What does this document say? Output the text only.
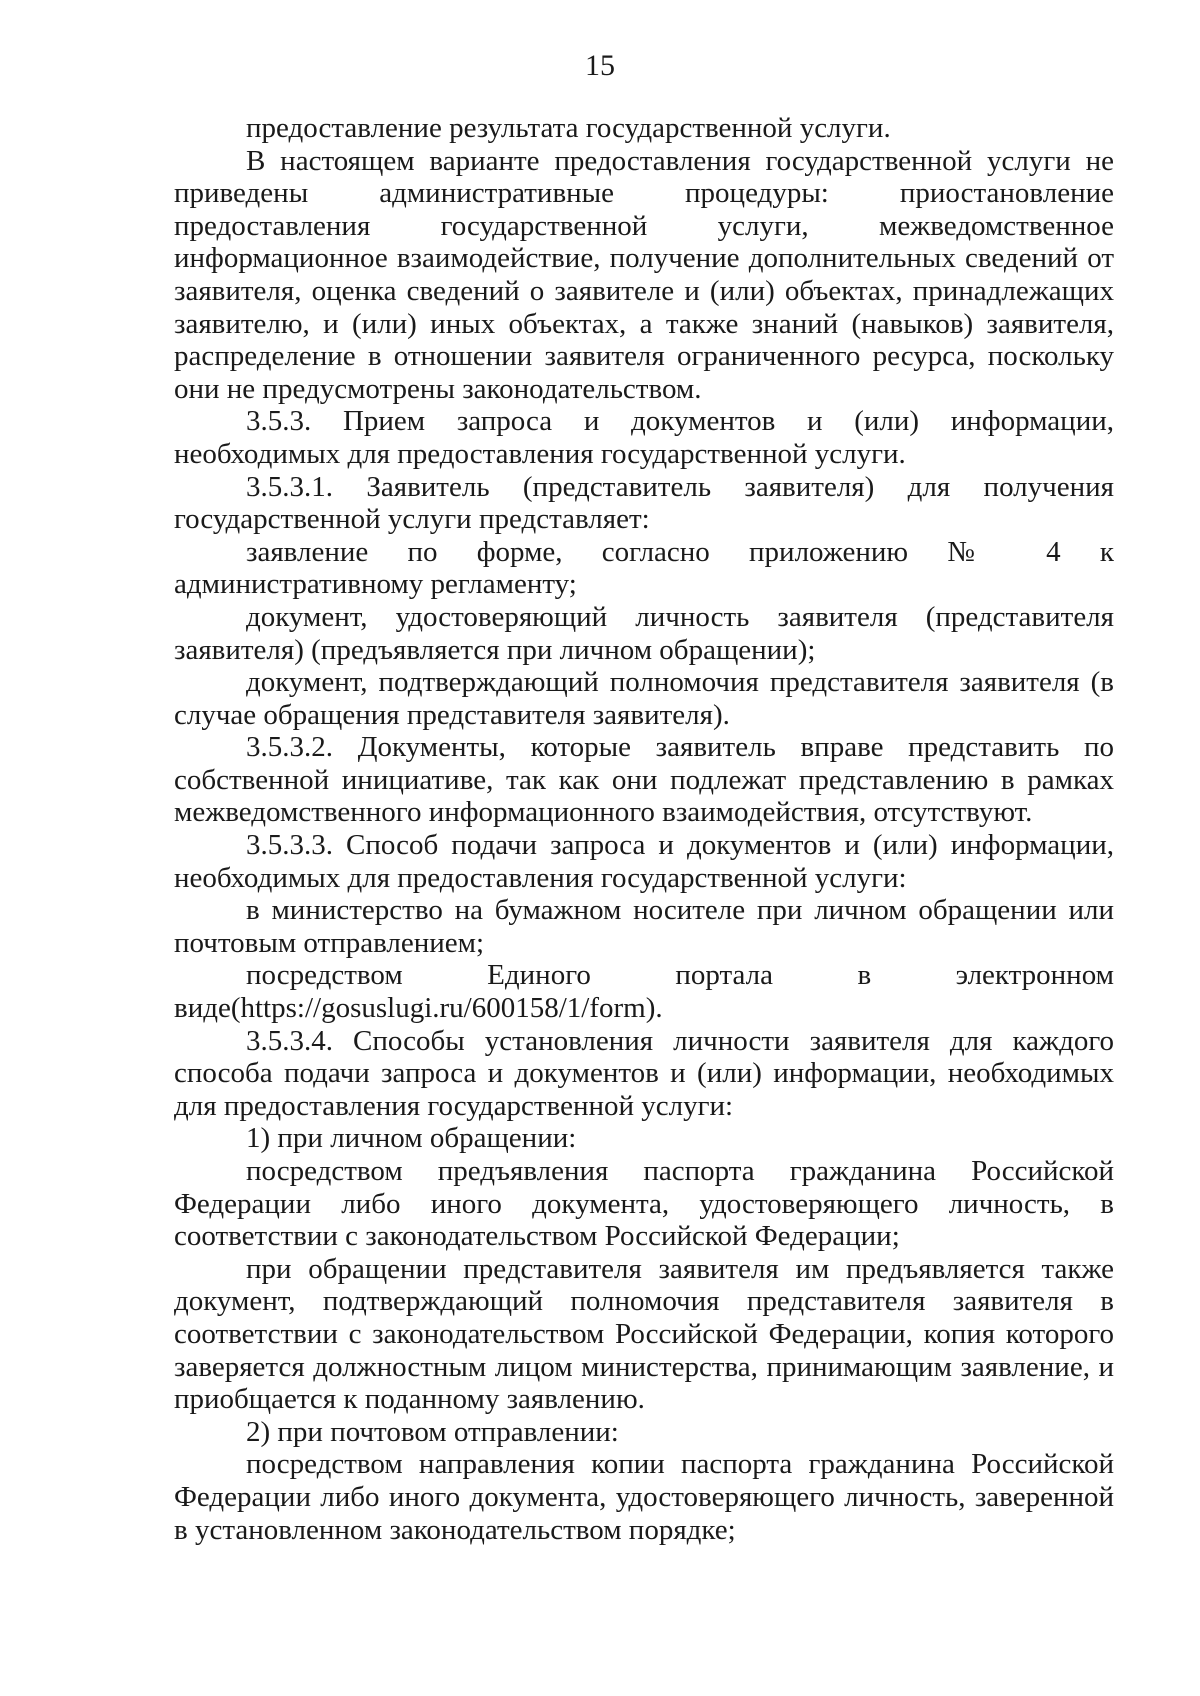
15

предоставление результата государственной услуги.

В настоящем варианте предоставления государственной услуги не приведены административные процедуры: приостановление предоставления государственной услуги, межведомственное информационное взаимодействие, получение дополнительных сведений от заявителя, оценка сведений о заявителе и (или) объектах, принадлежащих заявителю, и (или) иных объектах, а также знаний (навыков) заявителя, распределение в отношении заявителя ограниченного ресурса, поскольку они не предусмотрены законодательством.

3.5.3. Прием запроса и документов и (или) информации, необходимых для предоставления государственной услуги.

3.5.3.1. Заявитель (представитель заявителя) для получения государственной услуги представляет:

заявление по форме, согласно приложению № 4 к административному регламенту;

документ, удостоверяющий личность заявителя (представителя заявителя) (предъявляется при личном обращении);

документ, подтверждающий полномочия представителя заявителя (в случае обращения представителя заявителя).

3.5.3.2. Документы, которые заявитель вправе представить по собственной инициативе, так как они подлежат представлению в рамках межведомственного информационного взаимодействия, отсутствуют.

3.5.3.3. Способ подачи запроса и документов и (или) информации, необходимых для предоставления государственной услуги:

в министерство на бумажном носителе при личном обращении или почтовым отправлением;

посредством Единого портала в электронном виде(https://gosuslugi.ru/600158/1/form).

3.5.3.4. Способы установления личности заявителя для каждого способа подачи запроса и документов и (или) информации, необходимых для предоставления государственной услуги:

1) при личном обращении:

посредством предъявления паспорта гражданина Российской Федерации либо иного документа, удостоверяющего личность, в соответствии с законодательством Российской Федерации;

при обращении представителя заявителя им предъявляется также документ, подтверждающий полномочия представителя заявителя в соответствии с законодательством Российской Федерации, копия которого заверяется должностным лицом министерства, принимающим заявление, и приобщается к поданному заявлению.

2) при почтовом отправлении:

посредством направления копии паспорта гражданина Российской Федерации либо иного документа, удостоверяющего личность, заверенной в установленном законодательством порядке;
